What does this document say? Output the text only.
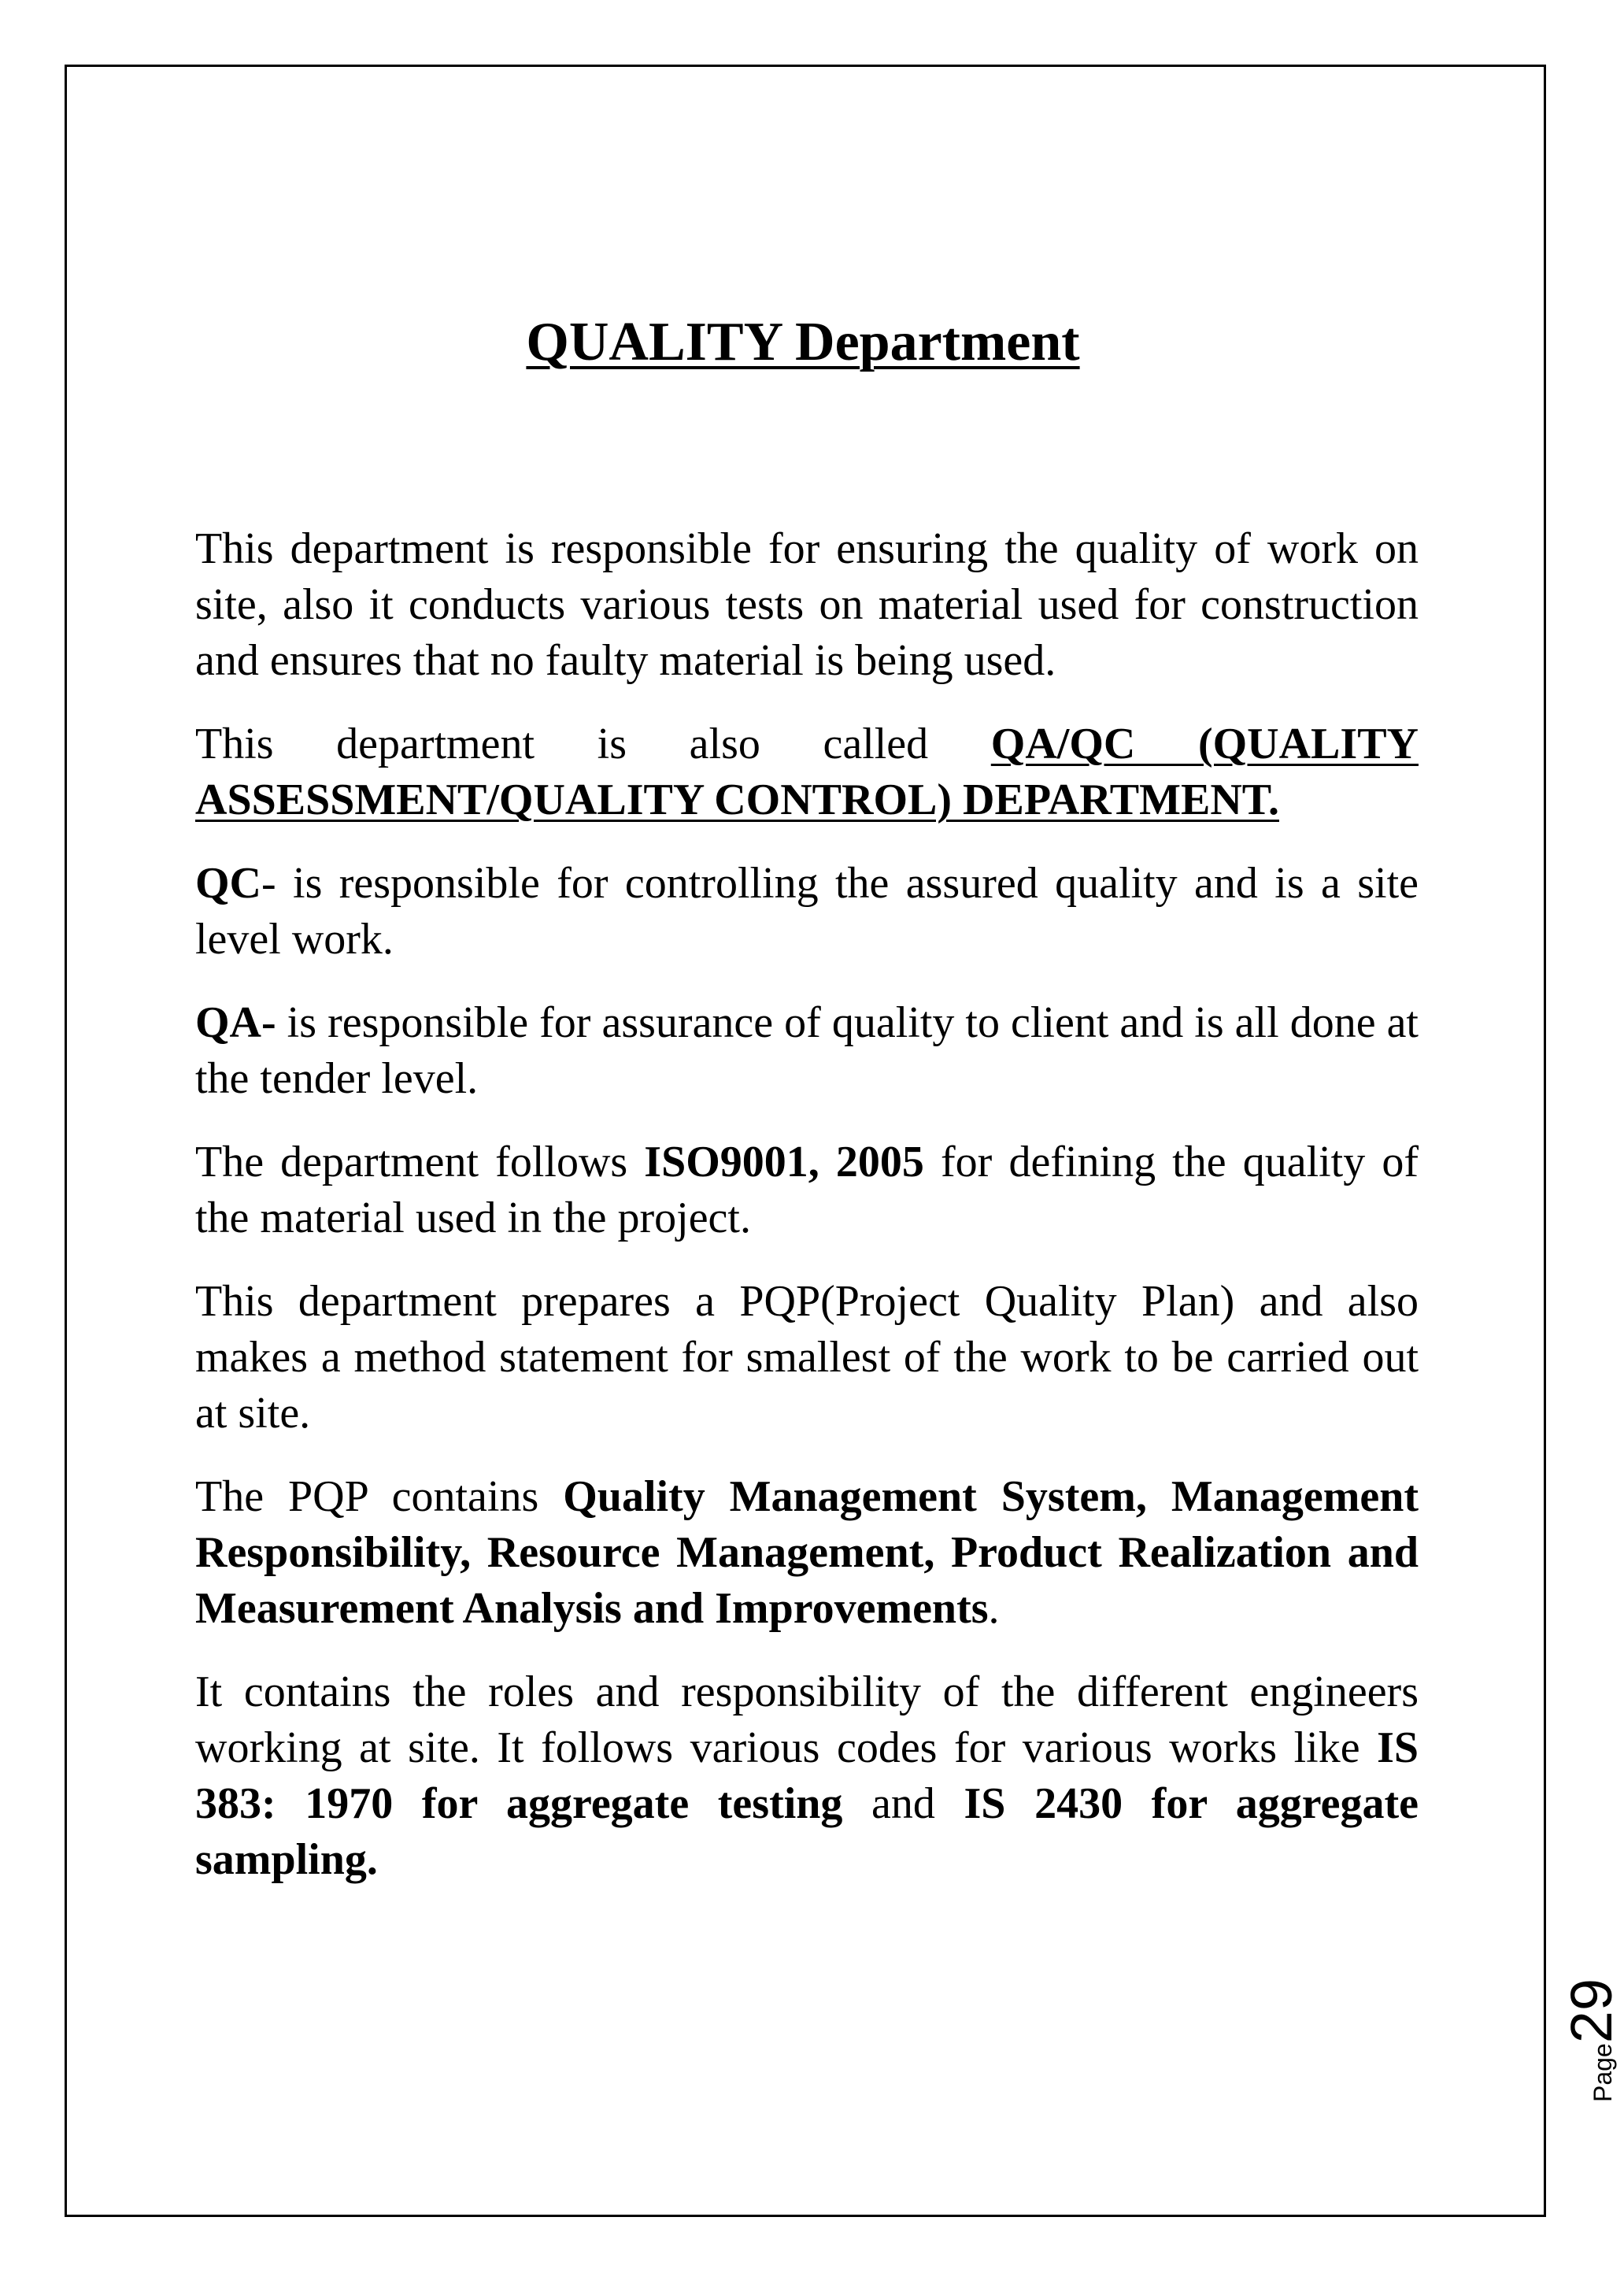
QUALITY Department

This department is responsible for ensuring the quality of work on site, also it conducts various tests on material used for construction and ensures that no faulty material is being used.

This department is also called QA/QC (QUALITY ASSESSMENT/QUALITY CONTROL) DEPARTMENT.

QC- is responsible for controlling the assured quality and is a site level work.

QA- is responsible for assurance of quality to client and is all done at the tender level.

The department follows ISO9001, 2005 for defining the quality of the material used in the project.

This department prepares a PQP(Project Quality Plan) and also makes a method statement for smallest of the work to be carried out at site.

The PQP contains Quality Management System, Management Responsibility, Resource Management, Product Realization and Measurement Analysis and Improvements.

It contains the roles and responsibility of the different engineers working at site. It follows various codes for various works like IS 383: 1970 for aggregate testing and IS 2430 for aggregate sampling.

Page29
